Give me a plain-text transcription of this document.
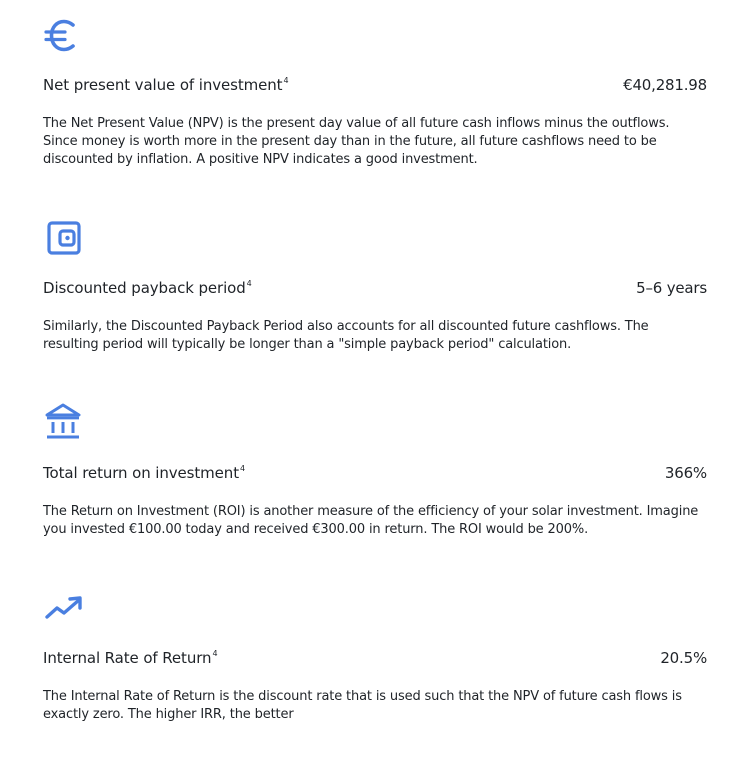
Net present value of investment$^4$	€40,281.98

The Net Present Value (NPV) is the present day value of all future cash inflows minus the outflows. Since money is worth more in the present day than in the future, all future cashflows need to be discounted by inflation. A positive NPV indicates a good investment.

Discounted payback period$^4$	5–6 years

Similarly, the Discounted Payback Period also accounts for all discounted future cashflows. The resulting period will typically be longer than a "simple payback period" calculation.

Total return on investment$^4$	366%

The Return on Investment (ROI) is another measure of the efficiency of your solar investment. Imagine you invested €100.00 today and received €300.00 in return. The ROI would be 200%.

Internal Rate of Return$^4$	20.5%

The Internal Rate of Return is the discount rate that is used such that the NPV of future cash flows is exactly zero. The higher IRR, the better
